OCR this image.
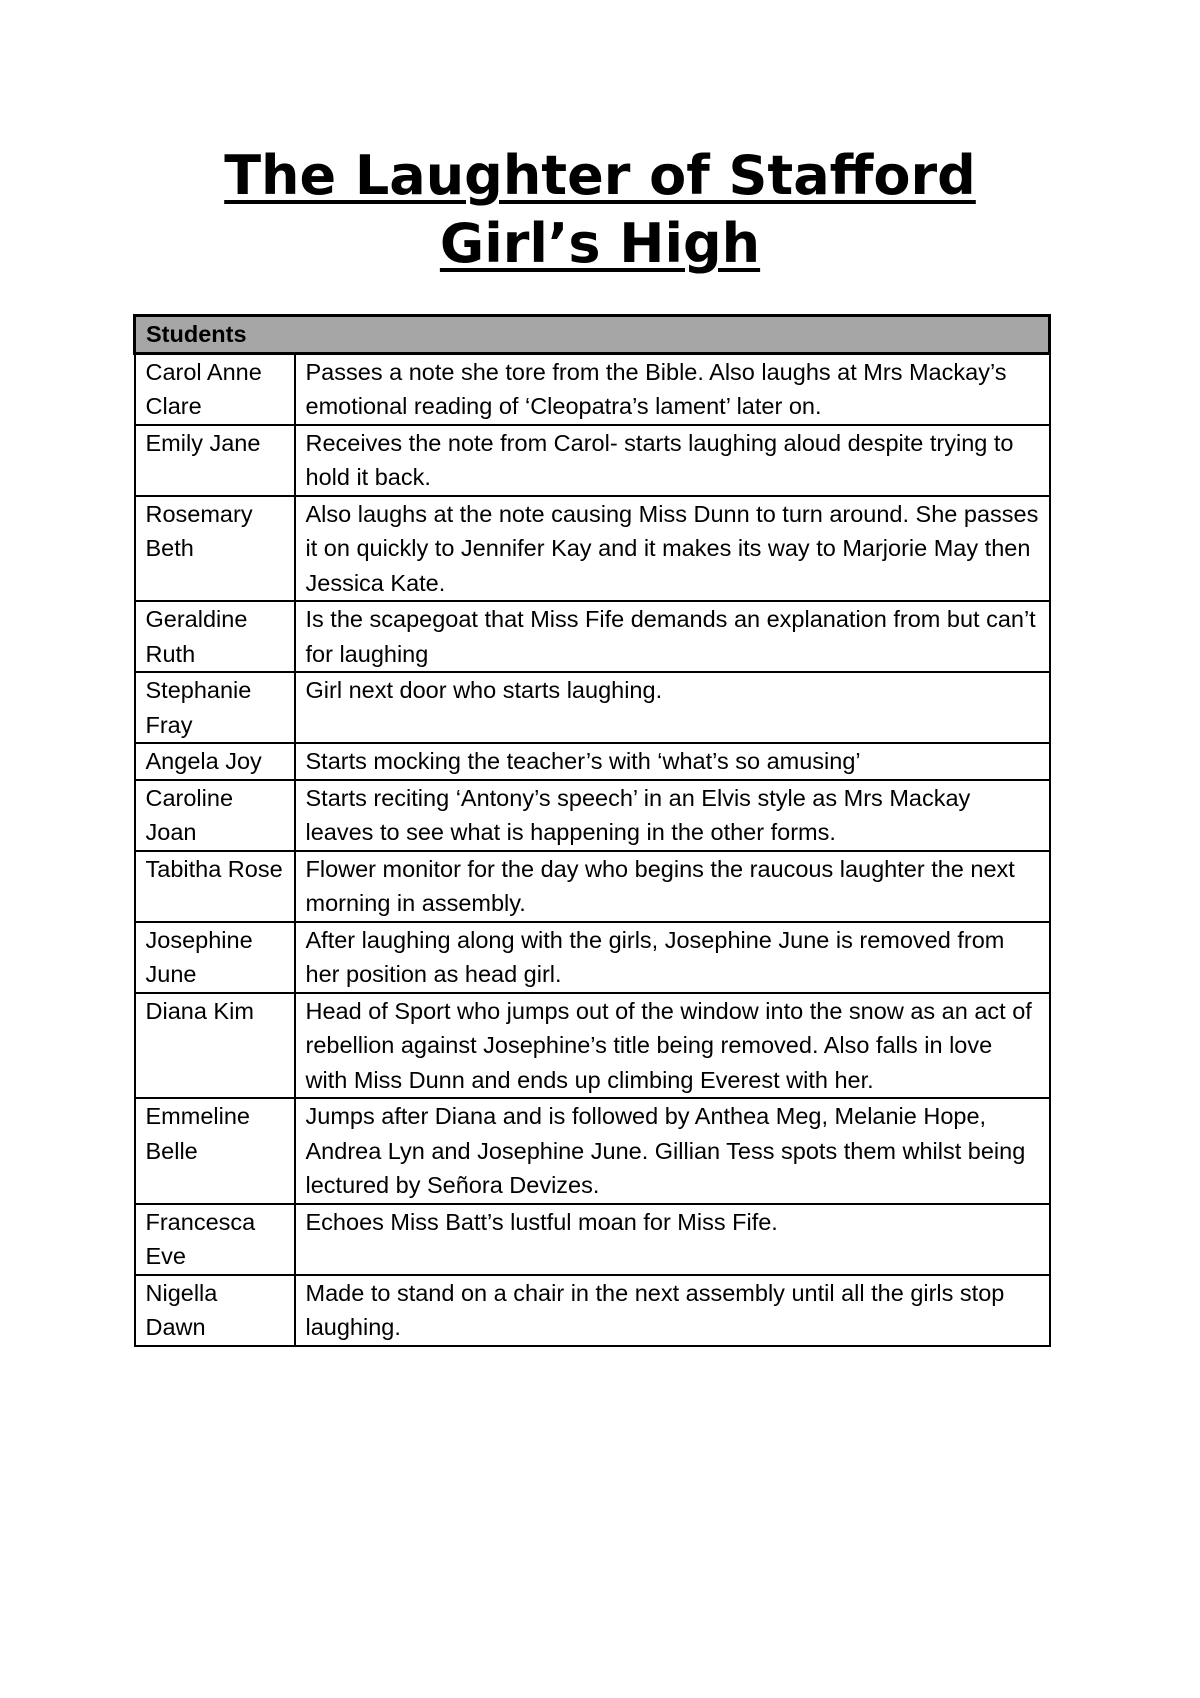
The Laughter of Stafford
Girl’s High
Students	
Carol Anne Clare	Passes a note she tore from the Bible. Also laughs at Mrs Mackay’s emotional reading of ‘Cleopatra’s lament’ later on.
Emily Jane	Receives the note from Carol- starts laughing aloud despite trying to hold it back.
Rosemary Beth	Also laughs at the note causing Miss Dunn to turn around. She passes it on quickly to Jennifer Kay and it makes its way to Marjorie May then Jessica Kate.
Geraldine Ruth	Is the scapegoat that Miss Fife demands an explanation from but can’t for laughing
Stephanie Fray	Girl next door who starts laughing.
Angela Joy	Starts mocking the teacher’s with ‘what’s so amusing’
Caroline Joan	Starts reciting ‘Antony’s speech’ in an Elvis style as Mrs Mackay leaves to see what is happening in the other forms.
Tabitha Rose	Flower monitor for the day who begins the raucous laughter the next morning in assembly.
Josephine June	After laughing along with the girls, Josephine June is removed from her position as head girl.
Diana Kim	Head of Sport who jumps out of the window into the snow as an act of rebellion against Josephine’s title being removed. Also falls in love with Miss Dunn and ends up climbing Everest with her.
Emmeline Belle	Jumps after Diana and is followed by Anthea Meg, Melanie Hope, Andrea Lyn and Josephine June. Gillian Tess spots them whilst being lectured by Señora Devizes.
Francesca Eve	Echoes Miss Batt’s lustful moan for Miss Fife.
Nigella Dawn	Made to stand on a chair in the next assembly until all the girls stop laughing.
